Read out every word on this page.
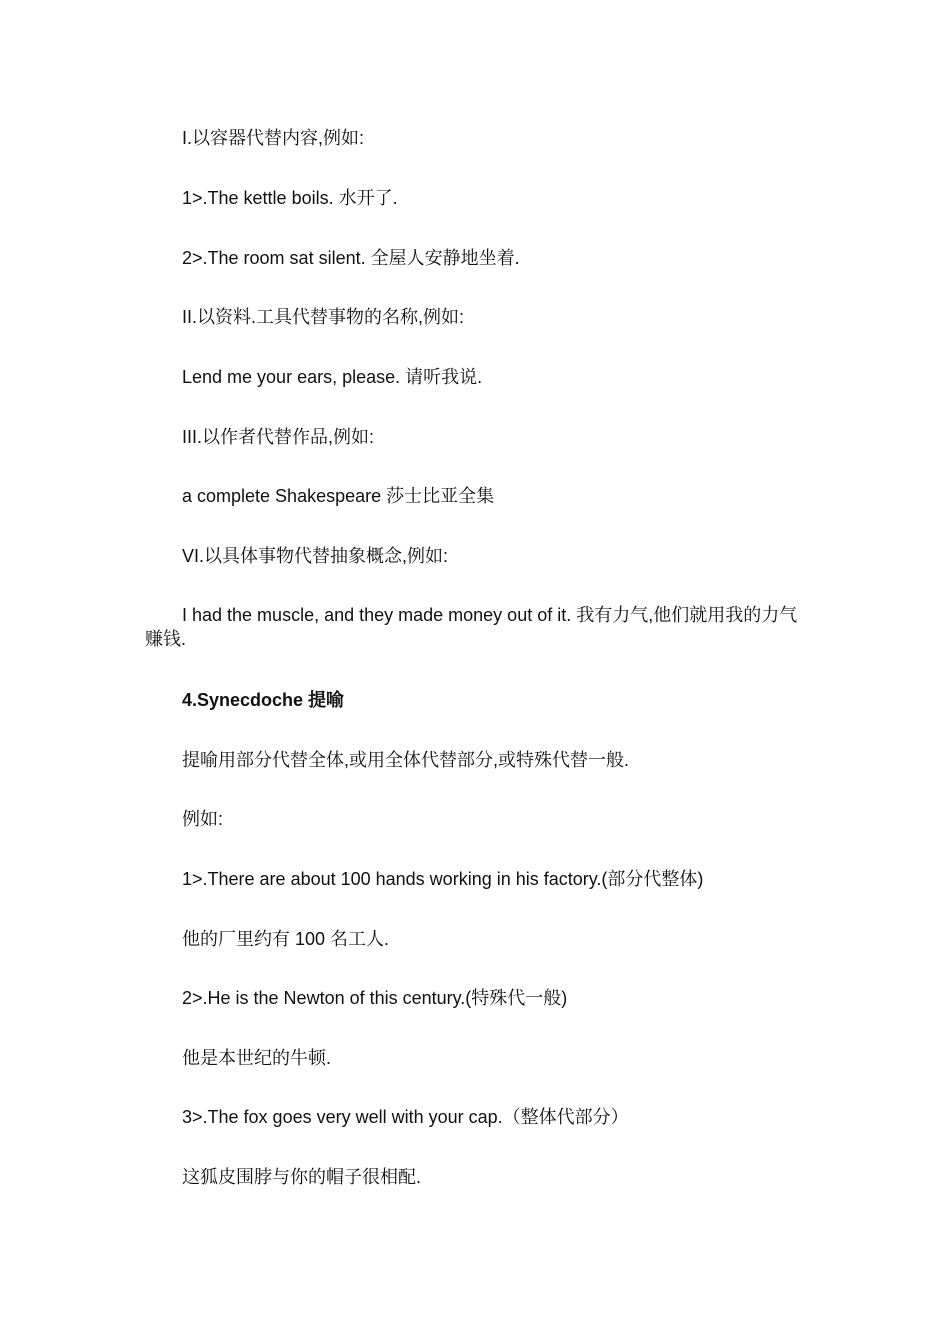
I.以容器代替内容,例如:

1>.The kettle boils. 水开了.

2>.The room sat silent. 全屋人安静地坐着.

II.以资料.工具代替事物的名称,例如:

Lend me your ears, please. 请听我说.

III.以作者代替作品,例如:

a complete Shakespeare 莎士比亚全集

VI.以具体事物代替抽象概念,例如:

I had the muscle, and they made money out of it. 我有力气,他们就用我的力气赚钱.

4.Synecdoche 提喻

提喻用部分代替全体,或用全体代替部分,或特殊代替一般.

例如:

1>.There are about 100 hands working in his factory.(部分代整体)

他的厂里约有 100 名工人.

2>.He is the Newton of this century.(特殊代一般)

他是本世纪的牛顿.

3>.The fox goes very well with your cap.（整体代部分）

这狐皮围脖与你的帽子很相配.
